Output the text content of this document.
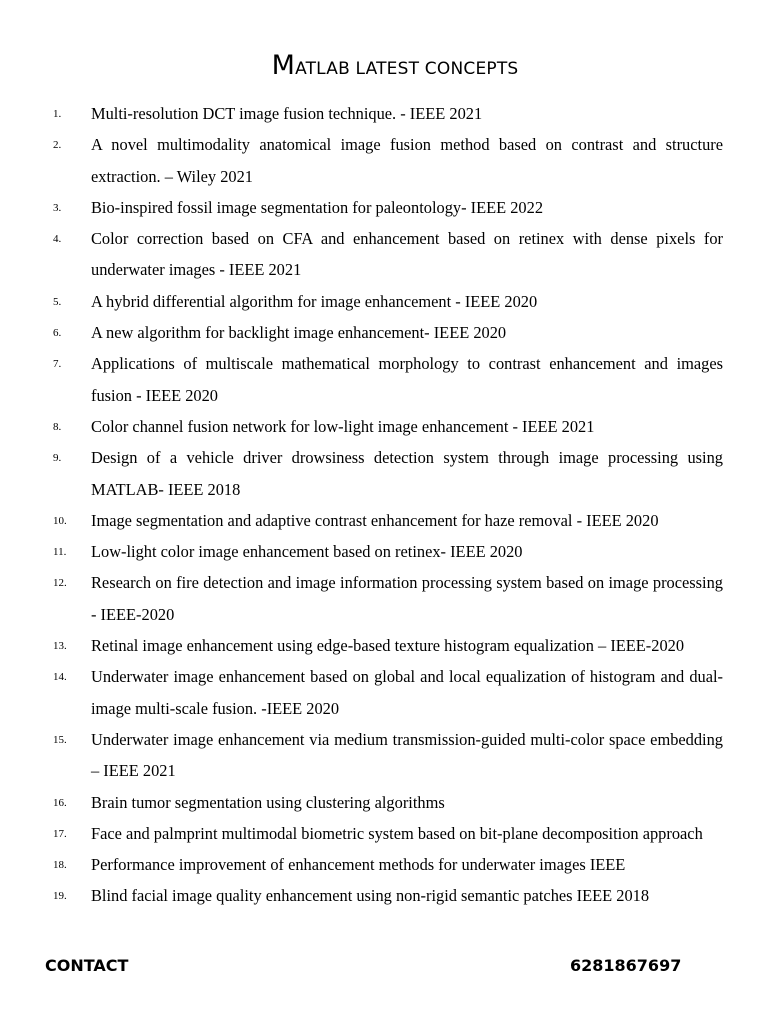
MATLAB LATEST CONCEPTS
1.	Multi-resolution DCT image fusion technique. - IEEE 2021
2.	A novel multimodality anatomical image fusion method based on contrast and structure extraction. – Wiley 2021
3.	Bio-inspired fossil image segmentation for paleontology- IEEE 2022
4.	Color correction based on CFA and enhancement based on retinex with dense pixels for underwater images - IEEE 2021
5.	A hybrid differential algorithm for image enhancement - IEEE 2020
6.	A new algorithm for backlight image enhancement- IEEE 2020
7.	Applications of multiscale mathematical morphology to contrast enhancement and images fusion - IEEE 2020
8.	Color channel fusion network for low-light image enhancement - IEEE 2021
9.	Design of a vehicle driver drowsiness detection system through image processing using MATLAB- IEEE 2018
10.	Image segmentation and adaptive contrast enhancement for haze removal - IEEE 2020
11.	Low-light color image enhancement based on retinex- IEEE 2020
12.	Research on fire detection and image information processing system based on image processing - IEEE-2020
13.	Retinal image enhancement using edge-based texture histogram equalization – IEEE-2020
14.	Underwater image enhancement based on global and local equalization of histogram and dual-image multi-scale fusion. -IEEE 2020
15.	Underwater image enhancement via medium transmission-guided multi-color space embedding – IEEE 2021
16.	Brain tumor segmentation using clustering algorithms
17.	Face and palmprint multimodal biometric system based on bit-plane decomposition approach
18.	Performance improvement of enhancement methods for underwater images IEEE
19.	Blind facial image quality enhancement using non-rigid semantic patches IEEE 2018
CONTACT	6281867697
